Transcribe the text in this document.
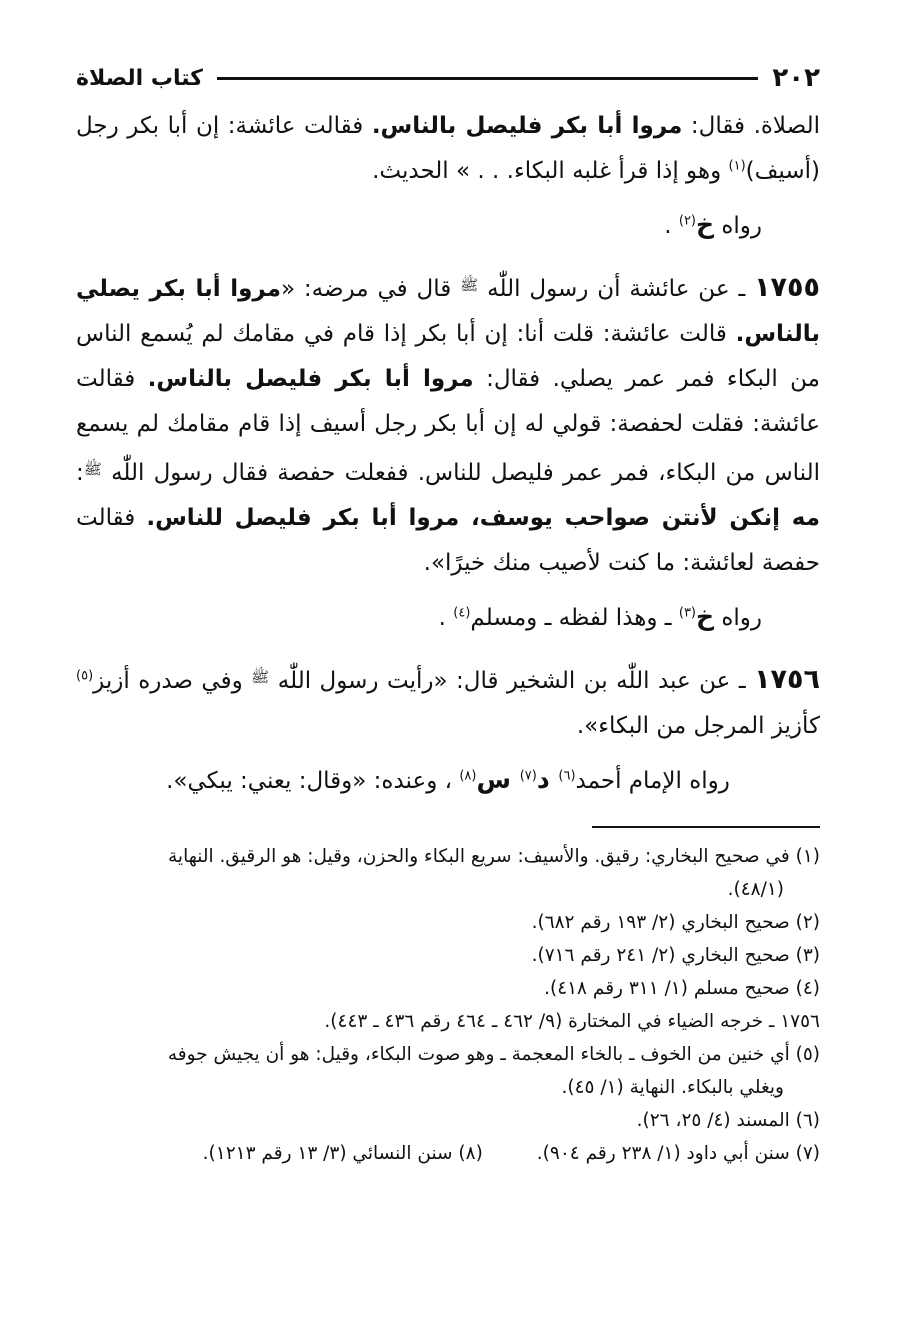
٢٠٢
كتاب الصلاة

الصلاة. فقال: مروا أبا بكر فليصل بالناس. فقالت عائشة: إن أبا بكر رجل (أسيف)$^{(١)}$ وهو إذا قرأ غلبه البكاء. . . » الحديث.

رواه خ$^{(٢)}$ .

١٧٥٥ ـ عن عائشة أن رسول اللّٰه $^ﷺ$ قال في مرضه: «مروا أبا بكر يصلي بالناس. قالت عائشة: قلت أنا: إن أبا بكر إذا قام في مقامك لم يُسمع الناس من البكاء فمر عمر يصلي. فقال: مروا أبا بكر فليصل بالناس. فقالت عائشة: فقلت لحفصة: قولي له إن أبا بكر رجل أسيف إذا قام مقامك لم يسمع الناس من البكاء، فمر عمر فليصل للناس. ففعلت حفصة فقال رسول اللّٰه $^ﷺ$: مه إنكن لأنتن صواحب يوسف، مروا أبا بكر فليصل للناس. فقالت حفصة لعائشة: ما كنت لأصيب منك خيرًا».

رواه خ$^{(٣)}$ ـ وهذا لفظه ـ ومسلم$^{(٤)}$ .

١٧٥٦ ـ عن عبد اللّٰه بن الشخير قال: «رأيت رسول اللّٰه $^ﷺ$ وفي صدره أزيز$^{(٥)}$ كأزيز المرجل من البكاء».

رواه الإمام أحمد$^{(٦)}$ د$^{(٧)}$ س$^{(٨)}$ ، وعنده: «وقال: يعني: يبكي».

(١) في صحيح البخاري: رقيق. والأسيف: سريع البكاء والحزن، وقيل: هو الرقيق. النهاية
(٤٨/١).

(٢) صحيح البخاري (٢/ ١٩٣ رقم ٦٨٢).

(٣) صحيح البخاري (٢/ ٢٤١ رقم ٧١٦).

(٤) صحيح مسلم (١/ ٣١١ رقم ٤١٨).

١٧٥٦ ـ خرجه الضياء في المختارة (٩/ ٤٦٢ ـ ٤٦٤ رقم ٤٣٦ ـ ٤٤٣).

(٥) أي خنين من الخوف ـ بالخاء المعجمة ـ وهو صوت البكاء، وقيل: هو أن يجيش جوفه
ويغلي بالبكاء. النهاية (١/ ٤٥).

(٦) المسند (٤/ ٢٥، ٢٦).

(٧) سنن أبي داود (١/ ٢٣٨ رقم ٩٠٤).
(٨) سنن النسائي (٣/ ١٣ رقم ١٢١٣).
